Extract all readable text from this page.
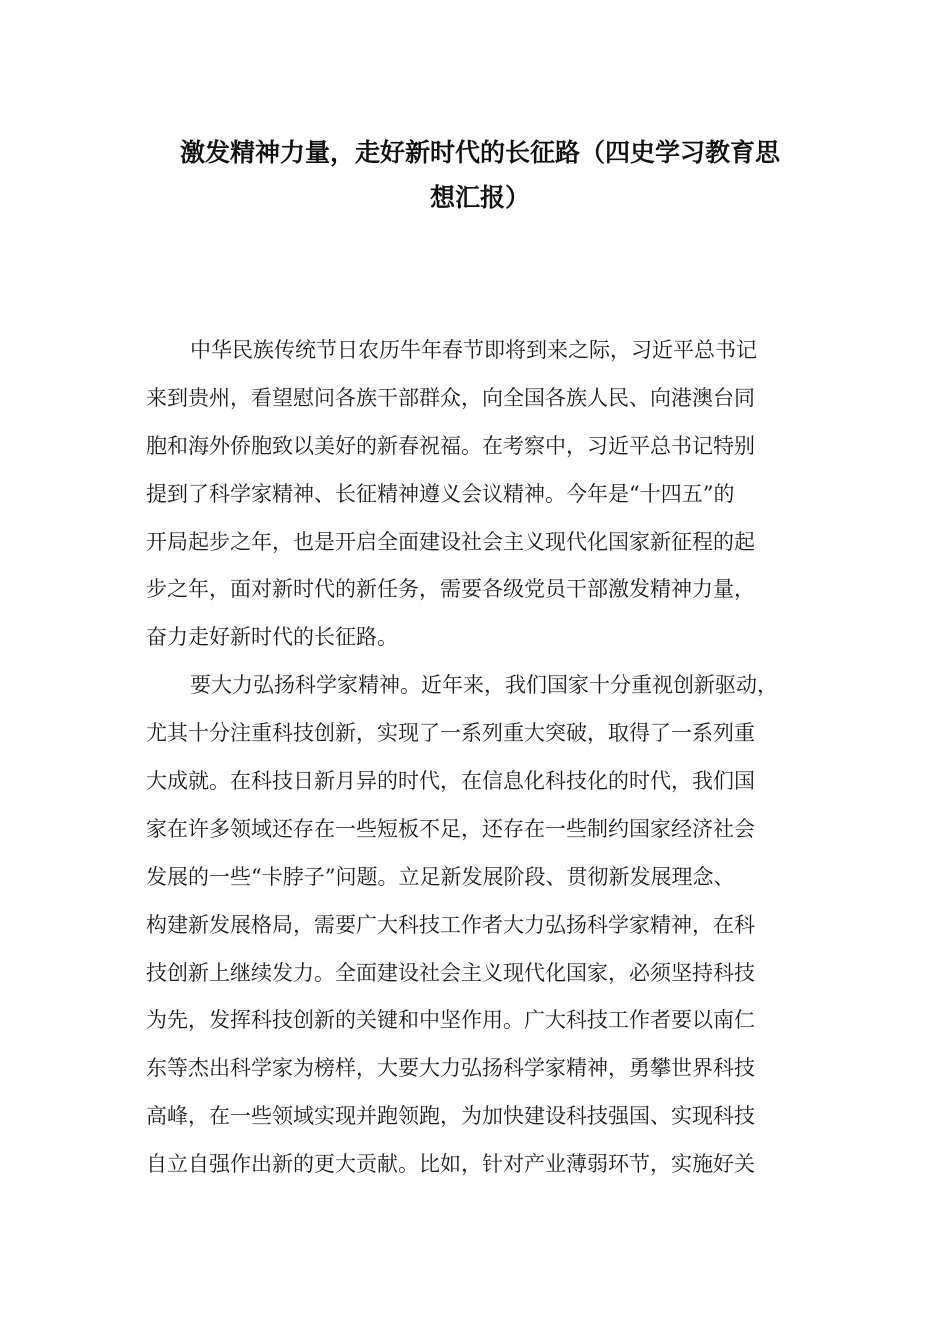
激发精神力量，走好新时代的长征路（四史学习教育思
想汇报）
中华民族传统节日农历牛年春节即将到来之际，习近平总书记
来到贵州，看望慰问各族干部群众，向全国各族人民、向港澳台同
胞和海外侨胞致以美好的新春祝福。在考察中，习近平总书记特别
提到了科学家精神、长征精神遵义会议精神。今年是“十四五”的
开局起步之年，也是开启全面建设社会主义现代化国家新征程的起
步之年，面对新时代的新任务，需要各级党员干部激发精神力量，
奋力走好新时代的长征路。
要大力弘扬科学家精神。近年来，我们国家十分重视创新驱动，
尤其十分注重科技创新，实现了一系列重大突破，取得了一系列重
大成就。在科技日新月异的时代，在信息化科技化的时代，我们国
家在许多领域还存在一些短板不足，还存在一些制约国家经济社会
发展的一些“卡脖子”问题。立足新发展阶段、贯彻新发展理念、
构建新发展格局，需要广大科技工作者大力弘扬科学家精神，在科
技创新上继续发力。全面建设社会主义现代化国家，必须坚持科技
为先，发挥科技创新的关键和中坚作用。广大科技工作者要以南仁
东等杰出科学家为榜样，大要大力弘扬科学家精神，勇攀世界科技
高峰，在一些领域实现并跑领跑，为加快建设科技强国、实现科技
自立自强作出新的更大贡献。比如，针对产业薄弱环节，实施好关
